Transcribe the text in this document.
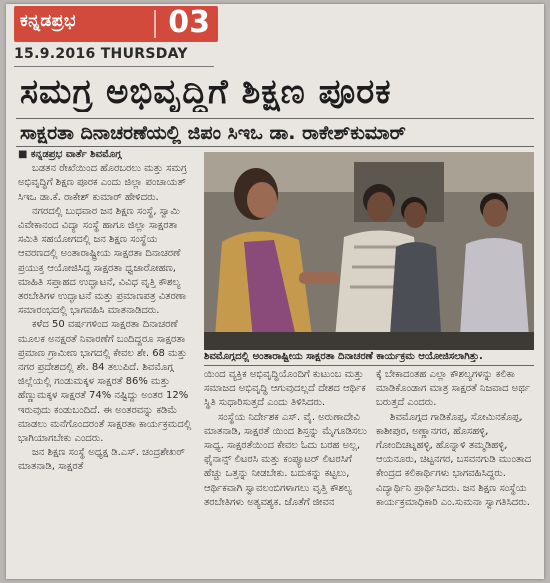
ಕನ್ನಡಪ್ರಭ	03
15.9.2016 THURSDAY
ಸಮಗ್ರ ಅಭಿವೃದ್ಧಿಗೆ ಶಿಕ್ಷಣ ಪೂರಕ
ಸಾಕ್ಷರತಾ ದಿನಾಚರಣೆಯಲ್ಲಿ ಜಿಪಂ ಸಿಇಒ ಡಾ. ರಾಕೇಶ್‌ಕುಮಾರ್

■ ಕನ್ನಡಪ್ರಭ ವಾರ್ತೆ ಶಿವಮೊಗ್ಗ

ಬಡತನ ರೇಖೆಯಿಂದ ಹೊರಬರಲು ಮತ್ತು ಸಮಗ್ರ ಅಭಿವೃದ್ಧಿಗೆ ಶಿಕ್ಷಣ ಪೂರಕ ಎಂದು ಜಿಲ್ಲಾ ಪಂಚಾಯತ್ ಸಿಇಒ ಡಾ.ಕೆ. ರಾಕೇಶ್ ಕುಮಾರ್ ಹೇಳಿದರು.

ನಗರದಲ್ಲಿ ಬುಧವಾರ ಜನ ಶಿಕ್ಷಣ ಸಂಸ್ಥೆ, ಸ್ವಾಮಿ ವಿವೇಕಾನಂದ ವಿದ್ಯಾ ಸಂಸ್ಥೆ ಹಾಗೂ ಜಿಲ್ಲಾ ಸಾಕ್ಷರತಾ ಸಮಿತಿ ಸಹಯೋಗದಲ್ಲಿ ಜನ ಶಿಕ್ಷಣ ಸಂಸ್ಥೆಯ ಆವರಣದಲ್ಲಿ ಅಂತಾರಾಷ್ಟ್ರೀಯ ಸಾಕ್ಷರತಾ ದಿನಾಚರಣೆ ಪ್ರಯುಕ್ತ ಆಯೋಜಿಸಿದ್ದ ಸಾಕ್ಷರತಾ ಧ್ವಜಾರೋಹಣ, ಮಾಹಿತಿ ಸಪ್ತಾಹದ ಉದ್ಘಾಟನೆ, ವಿವಿಧ ವೃತ್ತಿ ಕೌಶಲ್ಯ ತರಬೇತಿಗಳ ಉದ್ಘಾಟನೆ ಮತ್ತು ಪ್ರಮಾಣಪತ್ರ ವಿತರಣಾ ಸಮಾರಂಭದಲ್ಲಿ ಭಾಗವಹಿಸಿ ಮಾತನಾಡಿದರು.

ಕಳೆದ 50 ವರ್ಷಗಳಿಂದ ಸಾಕ್ಷರತಾ ದಿನಾಚರಣೆ ಮೂಲಕ ಅನಕ್ಷರತೆ ನಿವಾರಣೆಗೆ ಬಂದಿದ್ದರೂ ಸಾಕ್ಷರತಾ ಪ್ರಮಾಣ ಗ್ರಾಮೀಣ ಭಾಗದಲ್ಲಿ ಕೇವಲ ಶೇ. 68 ಮತ್ತು ನಗರ ಪ್ರದೇಶದಲ್ಲಿ ಶೇ. 84 ತಲುಪಿದೆ. ಶಿವಮೊಗ್ಗ ಜಿಲ್ಲೆಯಲ್ಲಿ ಗಂಡುಮಕ್ಕಳ ಸಾಕ್ಷರತೆ 86% ಮತ್ತು ಹೆಣ್ಣುಮಕ್ಕಳ ಸಾಕ್ಷರತೆ 74% ನಷ್ಟಿದ್ದು ಅಂತರ 12% ಇರುವುದು ಕಂಡುಬಂದಿದೆ. ಈ ಅಂತರವನ್ನು ಕಡಿಮೆ ಮಾಡಲು ಮನೆಗೊಂದರಂತೆ ಸಾಕ್ಷರತಾ ಕಾರ್ಯಕ್ರಮದಲ್ಲಿ ಭಾಗಿಯಾಗಬೇಕು ಎಂದರು.

ಜನ ಶಿಕ್ಷಣ ಸಂಸ್ಥೆ ಅಧ್ಯಕ್ಷ ಡಿ.ಎಸ್. ಚಂದ್ರಶೇಖರ್ ಮಾತನಾಡಿ, ಸಾಕ್ಷರತೆ

ಶಿವಮೊಗ್ಗದಲ್ಲಿ ಅಂತಾರಾಷ್ಟ್ರೀಯ ಸಾಕ್ಷರತಾ ದಿನಾಚರಣೆ ಕಾರ್ಯಕ್ರಮ ಆಯೋಜಿಸಲಾಗಿತ್ತು.

ಯಿಂದ ವ್ಯಕ್ತಿಕ ಅಭಿವೃದ್ಧಿಯೊಂದಿಗೆ ಕುಟುಂಬ ಮತ್ತು ಸಮಾಜದ ಅಭಿವೃದ್ಧಿ ಆಗುವುದಲ್ಲದೆ ದೇಶದ ಆರ್ಥಿಕ ಸ್ಥಿತಿ ಸುಧಾರಿಸುತ್ತದೆ ಎಂದು ತಿಳಿಸಿದರು.

ಸಂಸ್ಥೆಯ ನಿರ್ದೇಶಕ ಎಸ್. ವೈ. ಅರುಣಾದೇವಿ ಮಾತನಾಡಿ, ಸಾಕ್ಷರತೆ ಯಿಂದ ಶಿಸ್ತನ್ನು ಮೈಗೂಡಿಸಲು ಸಾಧ್ಯ. ಸಾಕ್ಷರತೆಯಿಂದ ಕೇವಲ ಓದು ಬರಹ ಅಲ್ಲ, ಫೈನಾನ್ಸ್ ಲಿಟರಸಿ ಮತ್ತು ಕಂಪ್ಯೂಟರ್ ಲಿಟರಸಿಗೆ ಹೆಚ್ಚು ಒತ್ತನ್ನು ನೀಡಬೇಕು. ಬದುಕನ್ನು ಕಟ್ಟಲು, ಆರ್ಥಿಕವಾಗಿ ಸ್ವಾವಲಂಬಿಗಳಾಗಲು ವೃತ್ತಿ ಕೌಶಲ್ಯ ತರಬೇತಿಗಳು ಅತ್ಯವಶ್ಯಕ. ಜೊತೆಗೆ ಜೀವನ

ಕ್ಕೆ ಬೇಕಾದಂತಹ ಎಲ್ಲಾ ಕೌಶಲ್ಯಗಳನ್ನು ಕಲಿಕಾ ಮಾಡಿಕೊಂಡಾಗ ಮಾತ್ರ ಸಾಕ್ಷರತೆ ನಿಜವಾದ ಅರ್ಥ ಬರುತ್ತದೆ ಎಂದರು.

ಶಿವಮೊಗ್ಗದ ಗಾಡಿಕೊಪ್ಪ, ಸೋಮಿನಕೊಪ್ಪ, ಕಾಶೀಪುರ, ಅಣ್ಣಾನಗರ, ಹೊಸಹಳ್ಳಿ, ಗೋಂದಿಚಟ್ನಹಳ್ಳಿ, ಹೊನ್ನಾಳಿ ತಮ್ಮಡಿಹಳ್ಳಿ, ಆಯನೂರು, ಚಿಟ್ಟನಗರ, ಬಸವನಗುಡಿ ಮುಂತಾದ ಕೇಂದ್ರದ ಕಲಿಕಾರ್ಥಿಗಳು ಭಾಗವಹಿಸಿದ್ದರು. ವಿದ್ಯಾರ್ಥಿನಿ ಪ್ರಾರ್ಥಿಸಿದರು. ಜನ ಶಿಕ್ಷಣ ಸಂಸ್ಥೆಯ ಕಾರ್ಯಕ್ರಮಾಧಿಕಾರಿ ಎಂ.ಸುಮನಾ ಸ್ವಾಗತಿಸಿದರು.
